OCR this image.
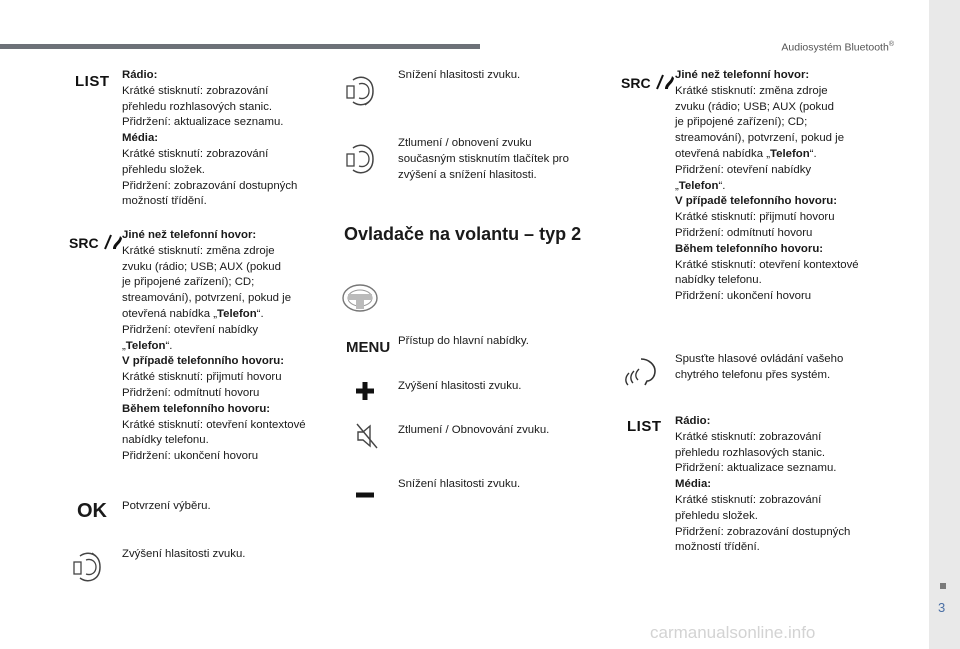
Audiosystém Bluetooth®
3
carmanualsonline.info
LIST Rádio:
Krátké stisknutí: zobrazování
přehledu rozhlasových stanic.
Přidržení: aktualizace seznamu.
Média:
Krátké stisknutí: zobrazování
přehledu složek.
Přidržení: zobrazování dostupných
možností třídění.
SRC	Jiné než telefonní hovor:
Krátké stisknutí: změna zdroje
zvuku (rádio; USB; AUX (pokud
je připojené zařízení); CD;
streamování), potvrzení, pokud je
otevřená nabídka „Telefon“.
Přidržení: otevření nabídky
„Telefon“.
V případě telefonního hovoru:
Krátké stisknutí: přijmutí hovoru
Přidržení: odmítnutí hovoru
Během telefonního hovoru:
Krátké stisknutí: otevření kontextové
nabídky telefonu.
Přidržení: ukončení hovoru
OK Potvrzení výběru.
Zvýšení hlasitosti zvuku.
Snížení hlasitosti zvuku.
Ztlumení / obnovení zvuku
současným stisknutím tlačítek pro
zvýšení a snížení hlasitosti.
Ovladače na volantu – typ 2
MENU Přístup do hlavní nabídky.
Zvýšení hlasitosti zvuku.
Ztlumení / Obnovování zvuku.
Snížení hlasitosti zvuku.
SRC	Jiné než telefonní hovor:
Krátké stisknutí: změna zdroje
zvuku (rádio; USB; AUX (pokud
je připojené zařízení); CD;
streamování), potvrzení, pokud je
otevřená nabídka „Telefon“.
Přidržení: otevření nabídky
„Telefon“.
V případě telefonního hovoru:
Krátké stisknutí: přijmutí hovoru
Přidržení: odmítnutí hovoru
Během telefonního hovoru:
Krátké stisknutí: otevření kontextové
nabídky telefonu.
Přidržení: ukončení hovoru
Spusťte hlasové ovládání vašeho
chytrého telefonu přes systém.
LIST Rádio:
Krátké stisknutí: zobrazování
přehledu rozhlasových stanic.
Přidržení: aktualizace seznamu.
Média:
Krátké stisknutí: zobrazování
přehledu složek.
Přidržení: zobrazování dostupných
možností třídění.
